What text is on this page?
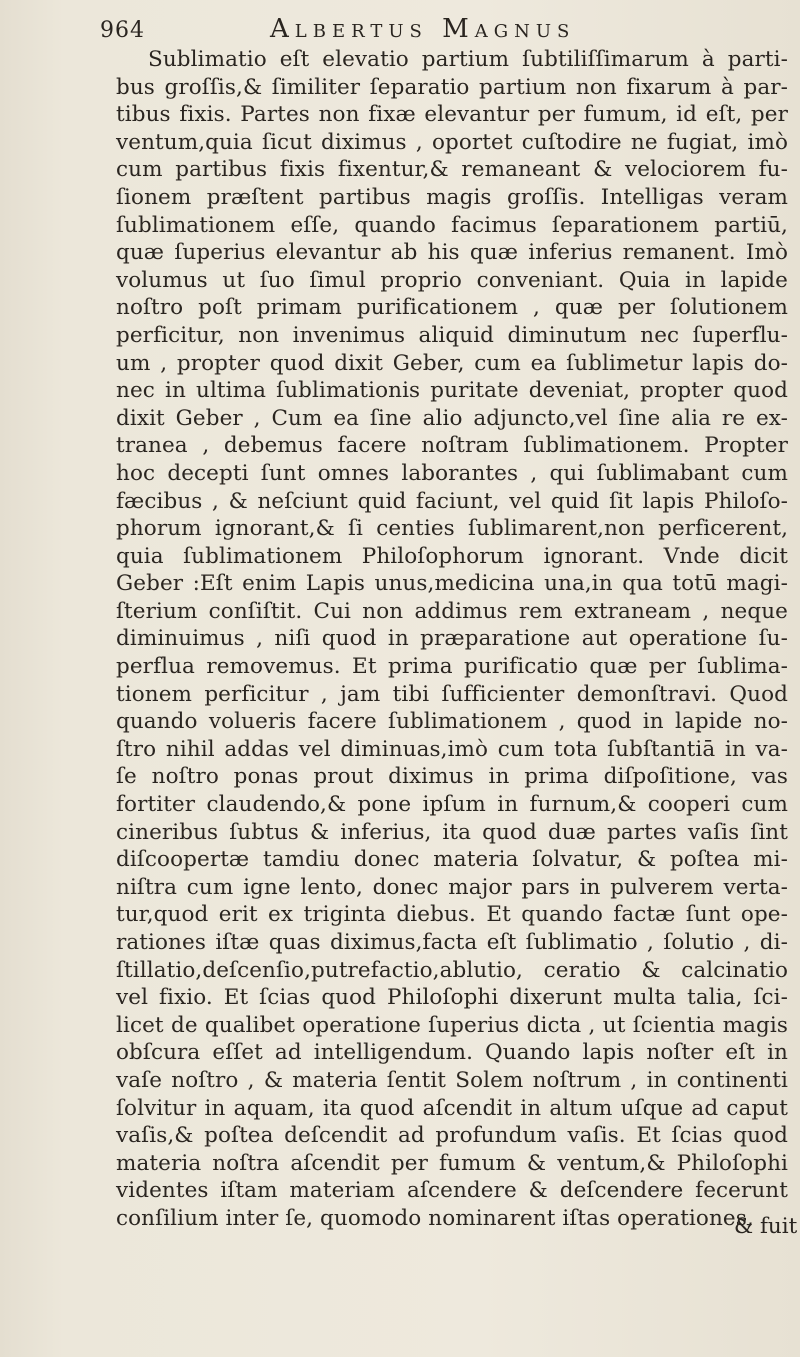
964	Albertus Magnus
Sublimatio eſt elevatio partium ſubtiliſſimarum à parti-
bus groſſis,& ſimiliter ſeparatio partium non fixarum à par-
tibus fixis. Partes non fixæ elevantur per fumum, id eſt, per
ventum,quia ſicut diximus , oportet cuſtodire ne fugiat, imò
cum partibus fixis fixentur,& remaneant & velociorem fu-
ſionem præſtent partibus magis groſſis. Intelligas veram
ſublimationem eſſe, quando facimus ſeparationem partiū,
quæ ſuperius elevantur ab his quæ inferius remanent. Imò
volumus ut ſuo ſimul proprio conveniant. Quia in lapide
noſtro poſt primam purificationem , quæ per ſolutionem
perficitur, non invenimus aliquid diminutum nec ſuperflu-
um , propter quod dixit Geber, cum ea ſublimetur lapis do-
nec in ultima ſublimationis puritate deveniat, propter quod
dixit Geber , Cum ea ſine alio adjuncto,vel ſine alia re ex-
tranea , debemus facere noſtram ſublimationem. Propter
hoc decepti ſunt omnes laborantes , qui ſublimabant cum
fæcibus , & neſciunt quid faciunt, vel quid ſit lapis Philoſo-
phorum ignorant,& ſi centies ſublimarent,non perficerent,
quia ſublimationem Philoſophorum ignorant. Vnde dicit
Geber :Eſt enim Lapis unus,medicina una,in qua totū magi-
ſterium conſiſtit. Cui non addimus rem extraneam , neque
diminuimus , niſi quod in præparatione aut operatione ſu-
perflua removemus. Et prima purificatio quæ per ſublima-
tionem perficitur , jam tibi ſufficienter demonſtravi. Quod
quando volueris facere ſublimationem , quod in lapide no-
ſtro nihil addas vel diminuas,imò cum tota ſubſtantiā in va-
ſe noſtro ponas prout diximus in prima diſpoſitione, vas
fortiter claudendo,& pone ipſum in furnum,& cooperi cum
cineribus ſubtus & inferius, ita quod duæ partes vaſis ſint
diſcoopertæ tamdiu donec materia ſolvatur, & poſtea mi-
niſtra cum igne lento, donec major pars in pulverem verta-
tur,quod erit ex triginta diebus. Et quando factæ ſunt ope-
rationes iſtæ quas diximus,facta eſt ſublimatio , ſolutio , di-
ſtillatio,deſcenſio,putrefactio,ablutio, ceratio & calcinatio
vel fixio. Et ſcias quod Philoſophi dixerunt multa talia, ſci-
licet de qualibet operatione ſuperius dicta , ut ſcientia magis
obſcura eſſet ad intelligendum. Quando lapis noſter eſt in
vaſe noſtro , & materia ſentit Solem noſtrum , in continenti
ſolvitur in aquam, ita quod aſcendit in altum uſque ad caput
vaſis,& poſtea deſcendit ad profundum vaſis. Et ſcias quod
materia noſtra aſcendit per fumum & ventum,& Philoſophi
videntes iſtam materiam aſcendere & deſcendere fecerunt
conſilium inter ſe, quomodo nominarent iſtas operationes,
& fuit
